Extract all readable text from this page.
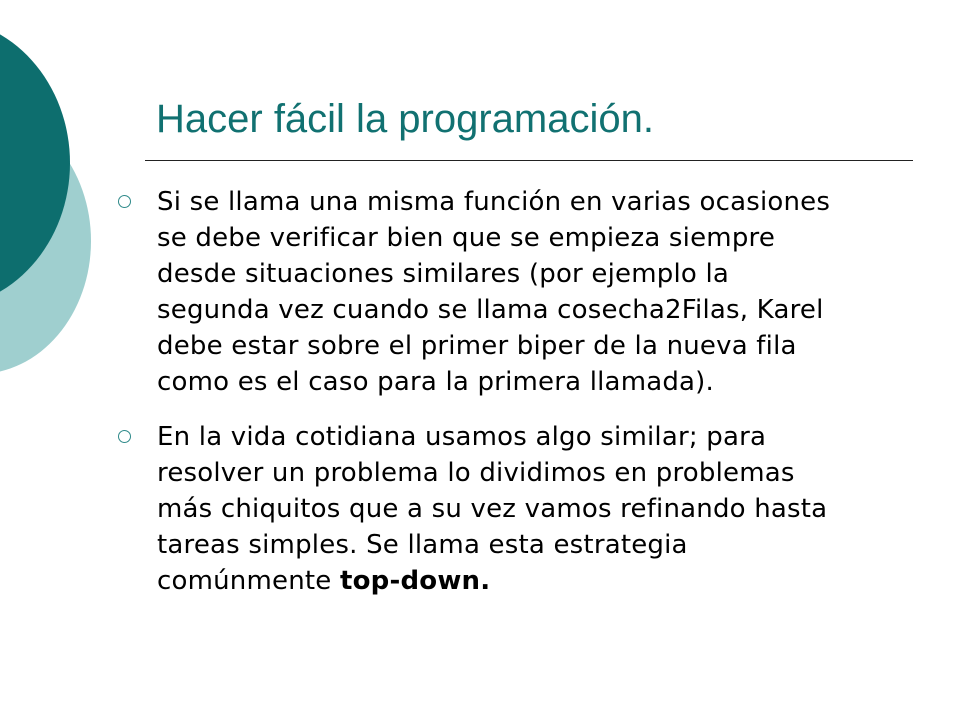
Hacer fácil la programación.
Si se llama una misma función en varias ocasiones se debe verificar bien que se empieza siempre desde situaciones similares (por ejemplo la segunda vez cuando se llama cosecha2Filas, Karel debe estar sobre el primer biper de la nueva fila como es el caso para la primera llamada).
En la vida cotidiana usamos algo similar; para resolver un problema lo dividimos en problemas más chiquitos que a su vez vamos refinando hasta tareas simples. Se llama esta estrategia comúnmente top-down.
